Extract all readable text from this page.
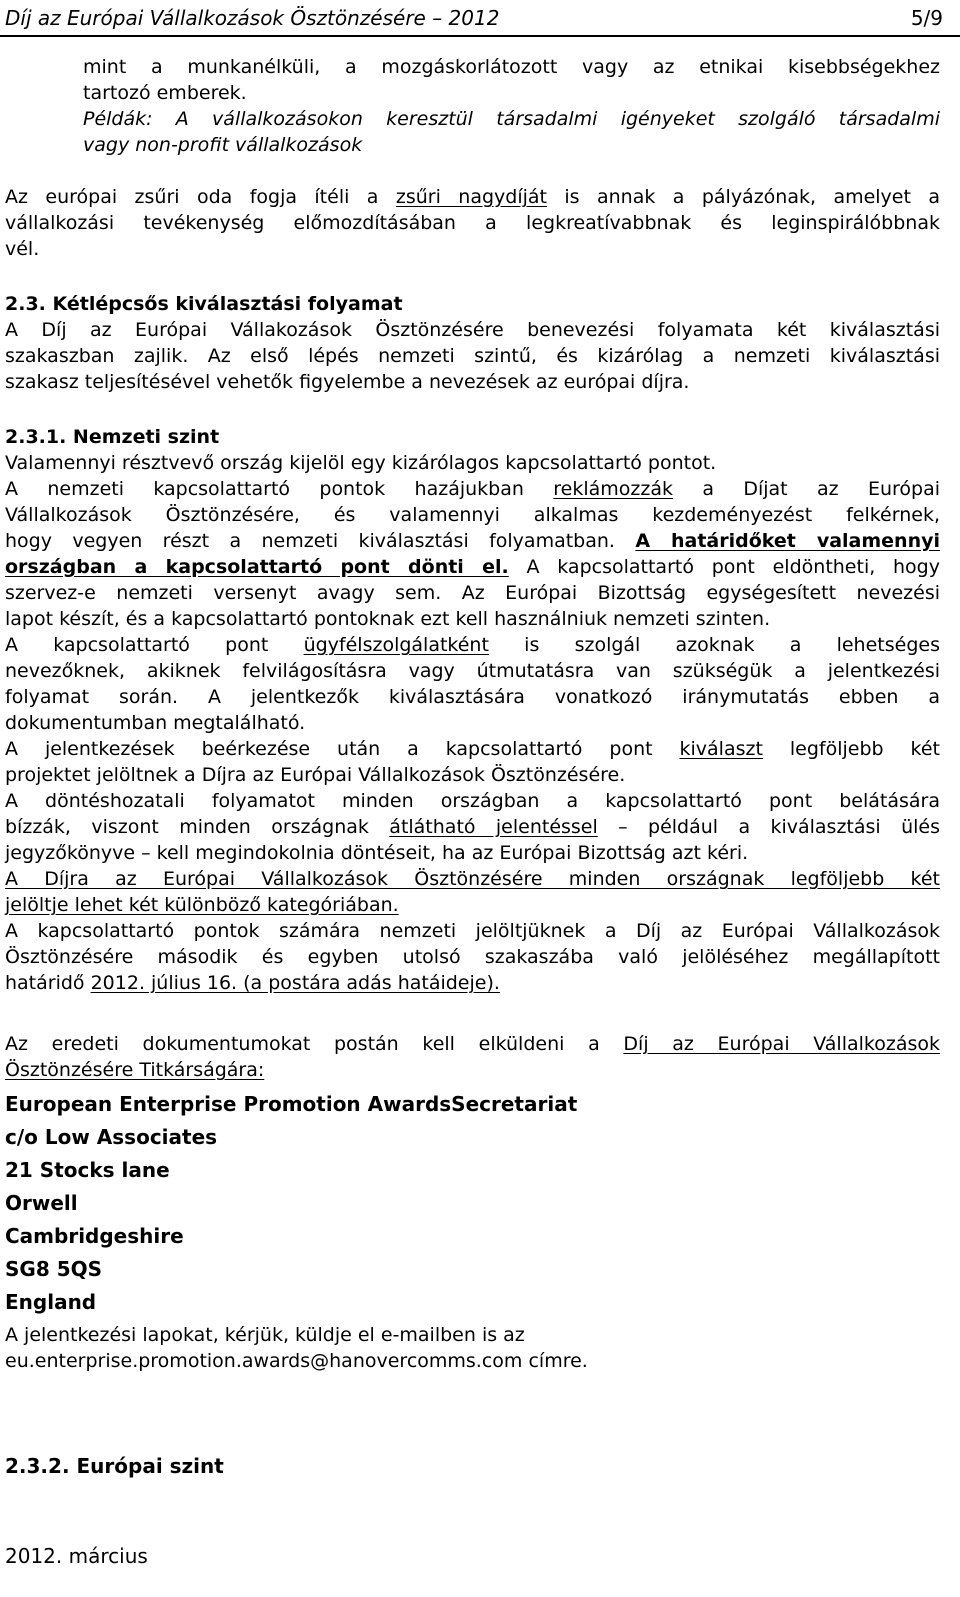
Díj az Európai Vállalkozások Ösztönzésére – 2012	5/9
mint a munkanélküli, a mozgáskorlátozott vagy az etnikai kisebbségekhez
tartozó emberek.
Példák: A vállalkozásokon keresztül társadalmi igényeket szolgáló társadalmi
vagy non-profit vállalkozások
Az európai zsűri oda fogja ítéli a zsűri nagydíját is annak a pályázónak, amelyet a
vállalkozási tevékenység előmozdításában a legkreatívabbnak és leginspirálóbbnak
vél.
2.3. Kétlépcsős kiválasztási folyamat
A Díj az Európai Vállakozások Ösztönzésére benevezési folyamata két kiválasztási
szakaszban zajlik. Az első lépés nemzeti szintű, és kizárólag a nemzeti kiválasztási
szakasz teljesítésével vehetők figyelembe a nevezések az európai díjra.
2.3.1. Nemzeti szint
Valamennyi résztvevő ország kijelöl egy kizárólagos kapcsolattartó pontot.
A nemzeti kapcsolattartó pontok hazájukban reklámozzák a Díjat az Európai
Vállalkozások Ösztönzésére, és valamennyi alkalmas kezdeményezést felkérnek,
hogy vegyen részt a nemzeti kiválasztási folyamatban. A határidőket valamennyi
országban a kapcsolattartó pont dönti el. A kapcsolattartó pont eldöntheti, hogy
szervez-e nemzeti versenyt avagy sem. Az Európai Bizottság egységesített nevezési
lapot készít, és a kapcsolattartó pontoknak ezt kell használniuk nemzeti szinten.
A kapcsolattartó pont ügyfélszolgálatként is szolgál azoknak a lehetséges
nevezőknek, akiknek felvilágosításra vagy útmutatásra van szükségük a jelentkezési
folyamat során. A jelentkezők kiválasztására vonatkozó iránymutatás ebben a
dokumentumban megtalálható.
A jelentkezések beérkezése után a kapcsolattartó pont kiválaszt legföljebb két
projektet jelöltnek a Díjra az Európai Vállalkozások Ösztönzésére.
A döntéshozatali folyamatot minden országban a kapcsolattartó pont belátására
bízzák, viszont minden országnak átlátható jelentéssel – például a kiválasztási ülés
jegyzőkönyve – kell megindokolnia döntéseit, ha az Európai Bizottság azt kéri.
A Díjra az Európai Vállalkozások Ösztönzésére minden országnak legföljebb két
jelöltje lehet két különböző kategóriában.
A kapcsolattartó pontok számára nemzeti jelöltjüknek a Díj az Európai Vállalkozások
Ösztönzésére második és egyben utolsó szakaszába való jelöléséhez megállapított
határidő 2012. július 16. (a postára adás hatáideje).
Az eredeti dokumentumokat postán kell elküldeni a Díj az Európai Vállalkozások
Ösztönzésére Titkárságára:
European Enterprise Promotion AwardsSecretariat
c/o Low Associates
21 Stocks lane
Orwell
Cambridgeshire
SG8 5QS
England
A jelentkezési lapokat, kérjük, küldje el e-mailben is az
eu.enterprise.promotion.awards@hanovercomms.com címre.
2.3.2. Európai szint
2012. március
